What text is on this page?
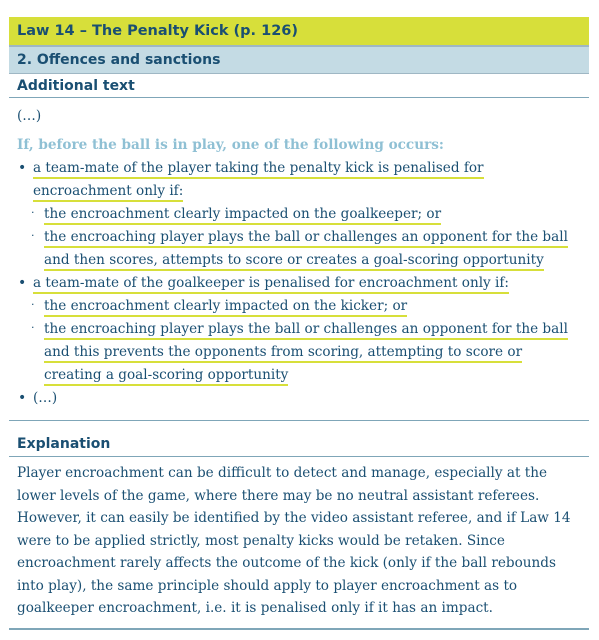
Law 14 – The Penalty Kick (p. 126)
2. Offences and sanctions
Additional text
(…)
If, before the ball is in play, one of the following occurs:
• a team-mate of the player taking the penalty kick is penalised for
encroachment only if:
· the encroachment clearly impacted on the goalkeeper; or
· the encroaching player plays the ball or challenges an opponent for the ball
and then scores, attempts to score or creates a goal-scoring opportunity
• a team-mate of the goalkeeper is penalised for encroachment only if:
· the encroachment clearly impacted on the kicker; or
· the encroaching player plays the ball or challenges an opponent for the ball
and this prevents the opponents from scoring, attempting to score or
creating a goal-scoring opportunity
• (…)
Explanation
Player encroachment can be difficult to detect and manage, especially at the
lower levels of the game, where there may be no neutral assistant referees.
However, it can easily be identified by the video assistant referee, and if Law 14
were to be applied strictly, most penalty kicks would be retaken. Since
encroachment rarely affects the outcome of the kick (only if the ball rebounds
into play), the same principle should apply to player encroachment as to
goalkeeper encroachment, i.e. it is penalised only if it has an impact.
